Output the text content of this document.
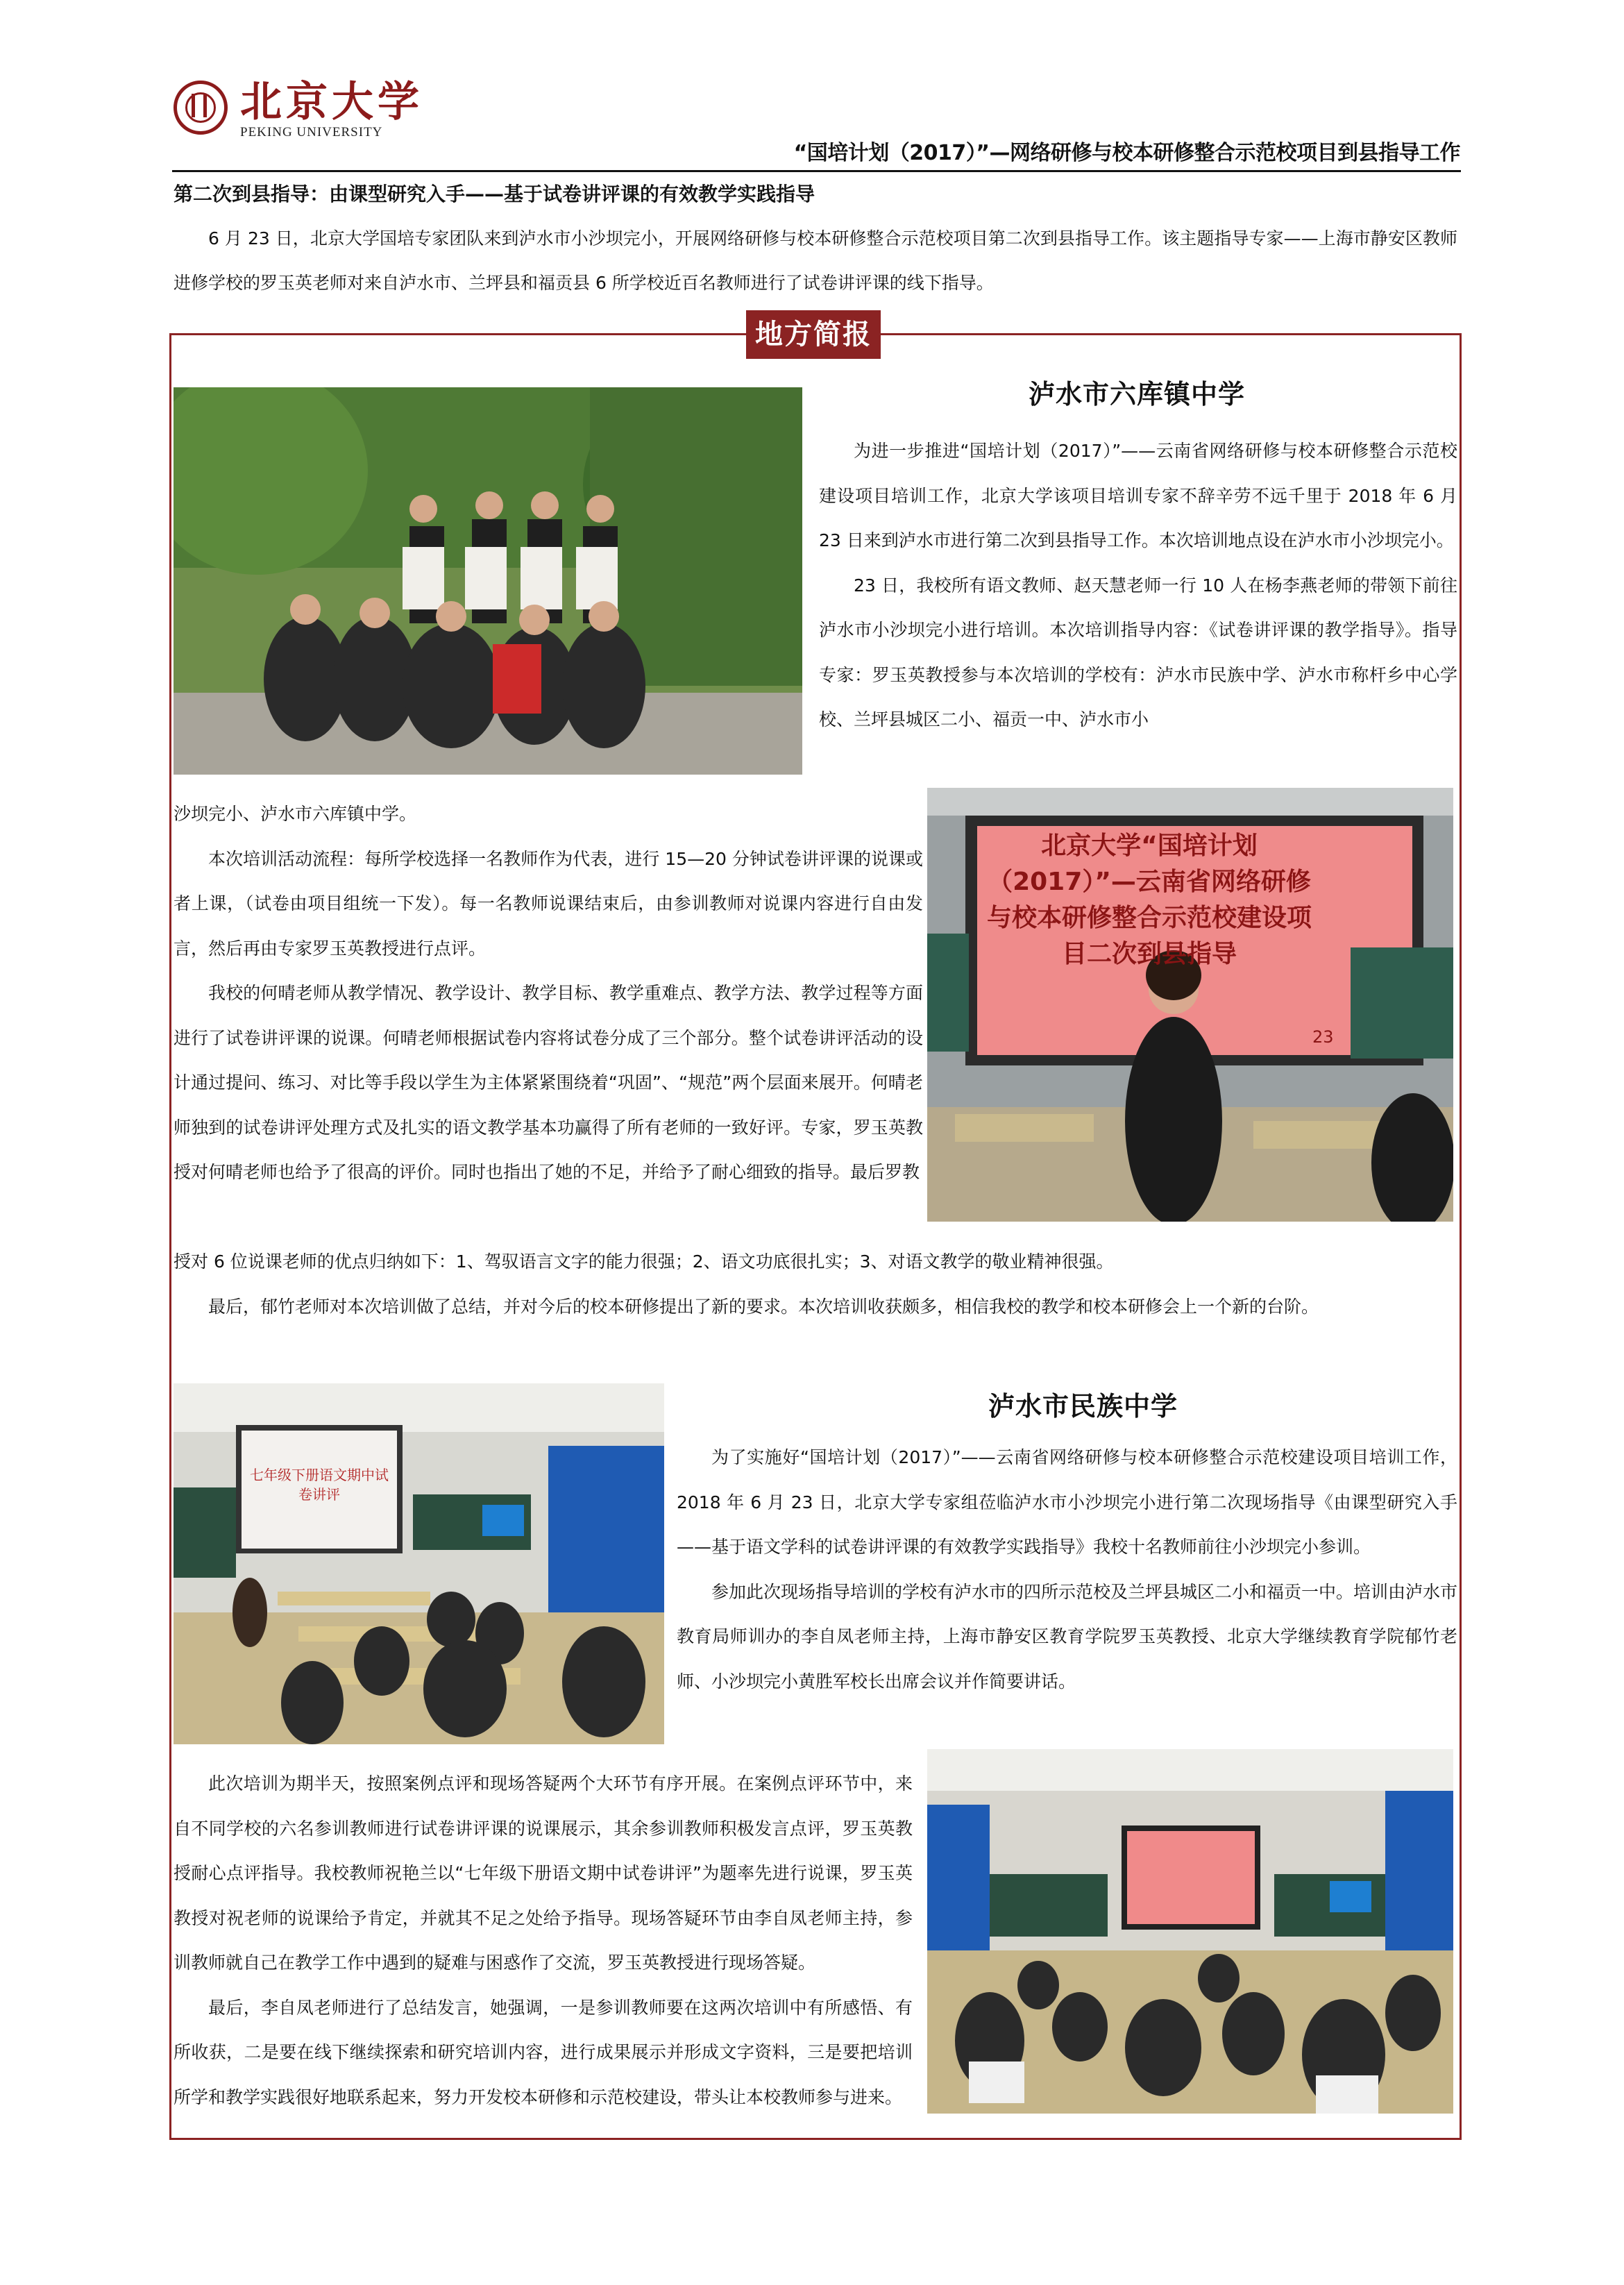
北京大学
PEKING UNIVERSITY
“国培计划（2017）”—网络研修与校本研修整合示范校项目到县指导工作
第二次到县指导：由课型研究入手——基于试卷讲评课的有效教学实践指导
6 月 23 日，北京大学国培专家团队来到泸水市小沙坝完小，开展网络研修与校本研修整合示范校项目第二次到县指导工作。该主题指导专家——上海市静安区教师进修学校的罗玉英老师对来自泸水市、兰坪县和福贡县 6 所学校近百名教师进行了试卷讲评课的线下指导。
地方简报
泸水市六库镇中学

为进一步推进“国培计划（2017）”——云南省网络研修与校本研修整合示范校建设项目培训工作，北京大学该项目培训专家不辞辛劳不远千里于 2018 年 6 月 23 日来到泸水市进行第二次到县指导工作。本次培训地点设在泸水市小沙坝完小。

23 日，我校所有语文教师、赵天慧老师一行 10 人在杨李燕老师的带领下前往泸水市小沙坝完小进行培训。本次培训指导内容：《试卷讲评课的教学指导》。指导专家：罗玉英教授参与本次培训的学校有：泸水市民族中学、泸水市称杆乡中心学校、兰坪县城区二小、福贡一中、泸水市小

沙坝完小、泸水市六库镇中学。

本次培训活动流程：每所学校选择一名教师作为代表，进行 15—20 分钟试卷讲评课的说课或者上课，（试卷由项目组统一下发）。每一名教师说课结束后，由参训教师对说课内容进行自由发言，然后再由专家罗玉英教授进行点评。

我校的何晴老师从教学情况、教学设计、教学目标、教学重难点、教学方法、教学过程等方面进行了试卷讲评课的说课。何晴老师根据试卷内容将试卷分成了三个部分。整个试卷讲评活动的设计通过提问、练习、对比等手段以学生为主体紧紧围绕着“巩固”、“规范”两个层面来展开。何晴老师独到的试卷讲评处理方式及扎实的语文教学基本功赢得了所有老师的一致好评。专家，罗玉英教授对何晴老师也给予了很高的评价。同时也指出了她的不足，并给予了耐心细致的指导。最后罗教

北京大学“国培计划（2017）”—云南省网络研修与校本研修整合示范校建设项目二次到县指导
23

授对 6 位说课老师的优点归纳如下：1、驾驭语言文字的能力很强；2、语文功底很扎实；3、对语文教学的敬业精神很强。

最后，郁竹老师对本次培训做了总结，并对今后的校本研修提出了新的要求。本次培训收获颇多，相信我校的教学和校本研修会上一个新的台阶。

泸水市民族中学
七年级下册语文期中试卷讲评

为了实施好“国培计划（2017）”——云南省网络研修与校本研修整合示范校建设项目培训工作， 2018 年 6 月 23 日，北京大学专家组莅临泸水市小沙坝完小进行第二次现场指导《由课型研究入手——基于语文学科的试卷讲评课的有效教学实践指导》我校十名教师前往小沙坝完小参训。

参加此次现场指导培训的学校有泸水市的四所示范校及兰坪县城区二小和福贡一中。培训由泸水市教育局师训办的李自凤老师主持，上海市静安区教育学院罗玉英教授、北京大学继续教育学院郁竹老师、小沙坝完小黄胜军校长出席会议并作简要讲话。

此次培训为期半天，按照案例点评和现场答疑两个大环节有序开展。在案例点评环节中，来自不同学校的六名参训教师进行试卷讲评课的说课展示，其余参训教师积极发言点评，罗玉英教授耐心点评指导。我校教师祝艳兰以“七年级下册语文期中试卷讲评”为题率先进行说课，罗玉英教授对祝老师的说课给予肯定，并就其不足之处给予指导。现场答疑环节由李自凤老师主持，参训教师就自己在教学工作中遇到的疑难与困惑作了交流，罗玉英教授进行现场答疑。

最后，李自凤老师进行了总结发言，她强调，一是参训教师要在这两次培训中有所感悟、有所收获，二是要在线下继续探索和研究培训内容，进行成果展示并形成文字资料，三是要把培训所学和教学实践很好地联系起来，努力开发校本研修和示范校建设，带头让本校教师参与进来。
